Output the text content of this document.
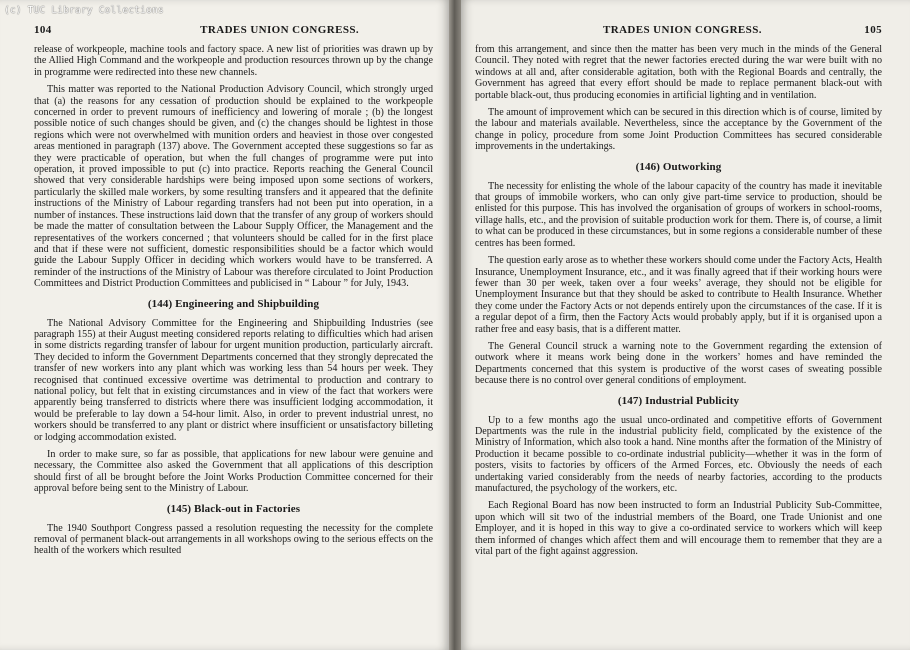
(c) TUC Library Collections
104	TRADES UNION CONGRESS.

release of workpeople, machine tools and factory space. A new list of priorities was drawn up by the Allied High Command and the workpeople and production resources thrown up by the change in programme were redirected into these new channels.

This matter was reported to the National Production Advisory Council, which strongly urged that (a) the reasons for any cessation of production should be explained to the workpeople concerned in order to prevent rumours of inefficiency and lowering of morale ; (b) the longest possible notice of such changes should be given, and (c) the changes should be lightest in those regions which were not overwhelmed with munition orders and heaviest in those over congested areas mentioned in paragraph (137) above. The Government accepted these suggestions so far as they were practicable of operation, but when the full changes of programme were put into operation, it proved impossible to put (c) into practice. Reports reaching the General Council showed that very considerable hardships were being imposed upon some sections of workers, particularly the skilled male workers, by some resulting transfers and it appeared that the definite instructions of the Ministry of Labour regarding transfers had not been put into operation, in a number of instances. These instructions laid down that the transfer of any group of workers should be made the matter of consultation between the Labour Supply Officer, the Management and the representatives of the workers concerned ; that volunteers should be called for in the first place and that if these were not sufficient, domestic responsibilities should be a factor which would guide the Labour Supply Officer in deciding which workers would have to be transferred. A reminder of the instructions of the Ministry of Labour was therefore circulated to Joint Production Committees and District Production Committees and publicised in “ Labour ” for July, 1943.

(144) Engineering and Shipbuilding

The National Advisory Committee for the Engineering and Shipbuilding Industries (see paragraph 155) at their August meeting considered reports relating to difficulties which had arisen in some districts regarding transfer of labour for urgent munition production, particularly aircraft. They decided to inform the Government Departments concerned that they strongly deprecated the transfer of new workers into any plant which was working less than 54 hours per week. They recognised that continued excessive overtime was detrimental to production and contrary to national policy, but felt that in existing circumstances and in view of the fact that workers were apparently being transferred to districts where there was insufficient lodging accommodation, it would be preferable to lay down a 54-hour limit. Also, in order to prevent industrial unrest, no workers should be transferred to any plant or district where insufficient or unsatisfactory billeting or lodging accommodation existed.

In order to make sure, so far as possible, that applications for new labour were genuine and necessary, the Committee also asked the Government that all applications of this description should first of all be brought before the Joint Works Production Committee concerned for their approval before being sent to the Ministry of Labour.

(145) Black-out in Factories

The 1940 Southport Congress passed a resolution requesting the necessity for the complete removal of permanent black-out arrangements in all workshops owing to the serious effects on the health of the workers which resulted

TRADES UNION CONGRESS.	105

from this arrangement, and since then the matter has been very much in the minds of the General Council. They noted with regret that the newer factories erected during the war were built with no windows at all and, after considerable agitation, both with the Regional Boards and centrally, the Government has agreed that every effort should be made to replace permanent black-out with portable black-out, thus producing economies in artificial lighting and in ventilation.

The amount of improvement which can be secured in this direction which is of course, limited by the labour and materials available. Nevertheless, since the acceptance by the Government of the change in policy, procedure from some Joint Production Committees has secured considerable improvements in the undertakings.

(146) Outworking

The necessity for enlisting the whole of the labour capacity of the country has made it inevitable that groups of immobile workers, who can only give part-time service to production, should be enlisted for this purpose. This has involved the organisation of groups of workers in school-rooms, village halls, etc., and the provision of suitable production work for them. There is, of course, a limit to what can be produced in these circumstances, but in some regions a considerable number of these centres has been formed.

The question early arose as to whether these workers should come under the Factory Acts, Health Insurance, Unemployment Insurance, etc., and it was finally agreed that if their working hours were fewer than 30 per week, taken over a four weeks’ average, they should not be eligible for Unemployment Insurance but that they should be asked to contribute to Health Insurance. Whether they come under the Factory Acts or not depends entirely upon the circumstances of the case. If it is a regular depot of a firm, then the Factory Acts would probably apply, but if it is organised upon a rather free and easy basis, that is a different matter.

The General Council struck a warning note to the Government regarding the extension of outwork where it means work being done in the workers’ homes and have reminded the Departments concerned that this system is productive of the worst cases of sweating possible because there is no control over general conditions of employment.

(147) Industrial Publicity

Up to a few months ago the usual unco-ordinated and competitive efforts of Government Departments was the rule in the industrial publicity field, complicated by the existence of the Ministry of Information, which also took a hand. Nine months after the formation of the Ministry of Production it became possible to co-ordinate industrial publicity—whether it was in the form of posters, visits to factories by officers of the Armed Forces, etc. Obviously the needs of each undertaking varied considerably from the needs of nearby factories, according to the products manufactured, the psychology of the workers, etc.

Each Regional Board has now been instructed to form an Industrial Publicity Sub-Committee, upon which will sit two of the industrial members of the Board, one Trade Unionist and one Employer, and it is hoped in this way to give a co-ordinated service to workers which will keep them informed of changes which affect them and will encourage them to remember that they are a vital part of the fight against aggression.
